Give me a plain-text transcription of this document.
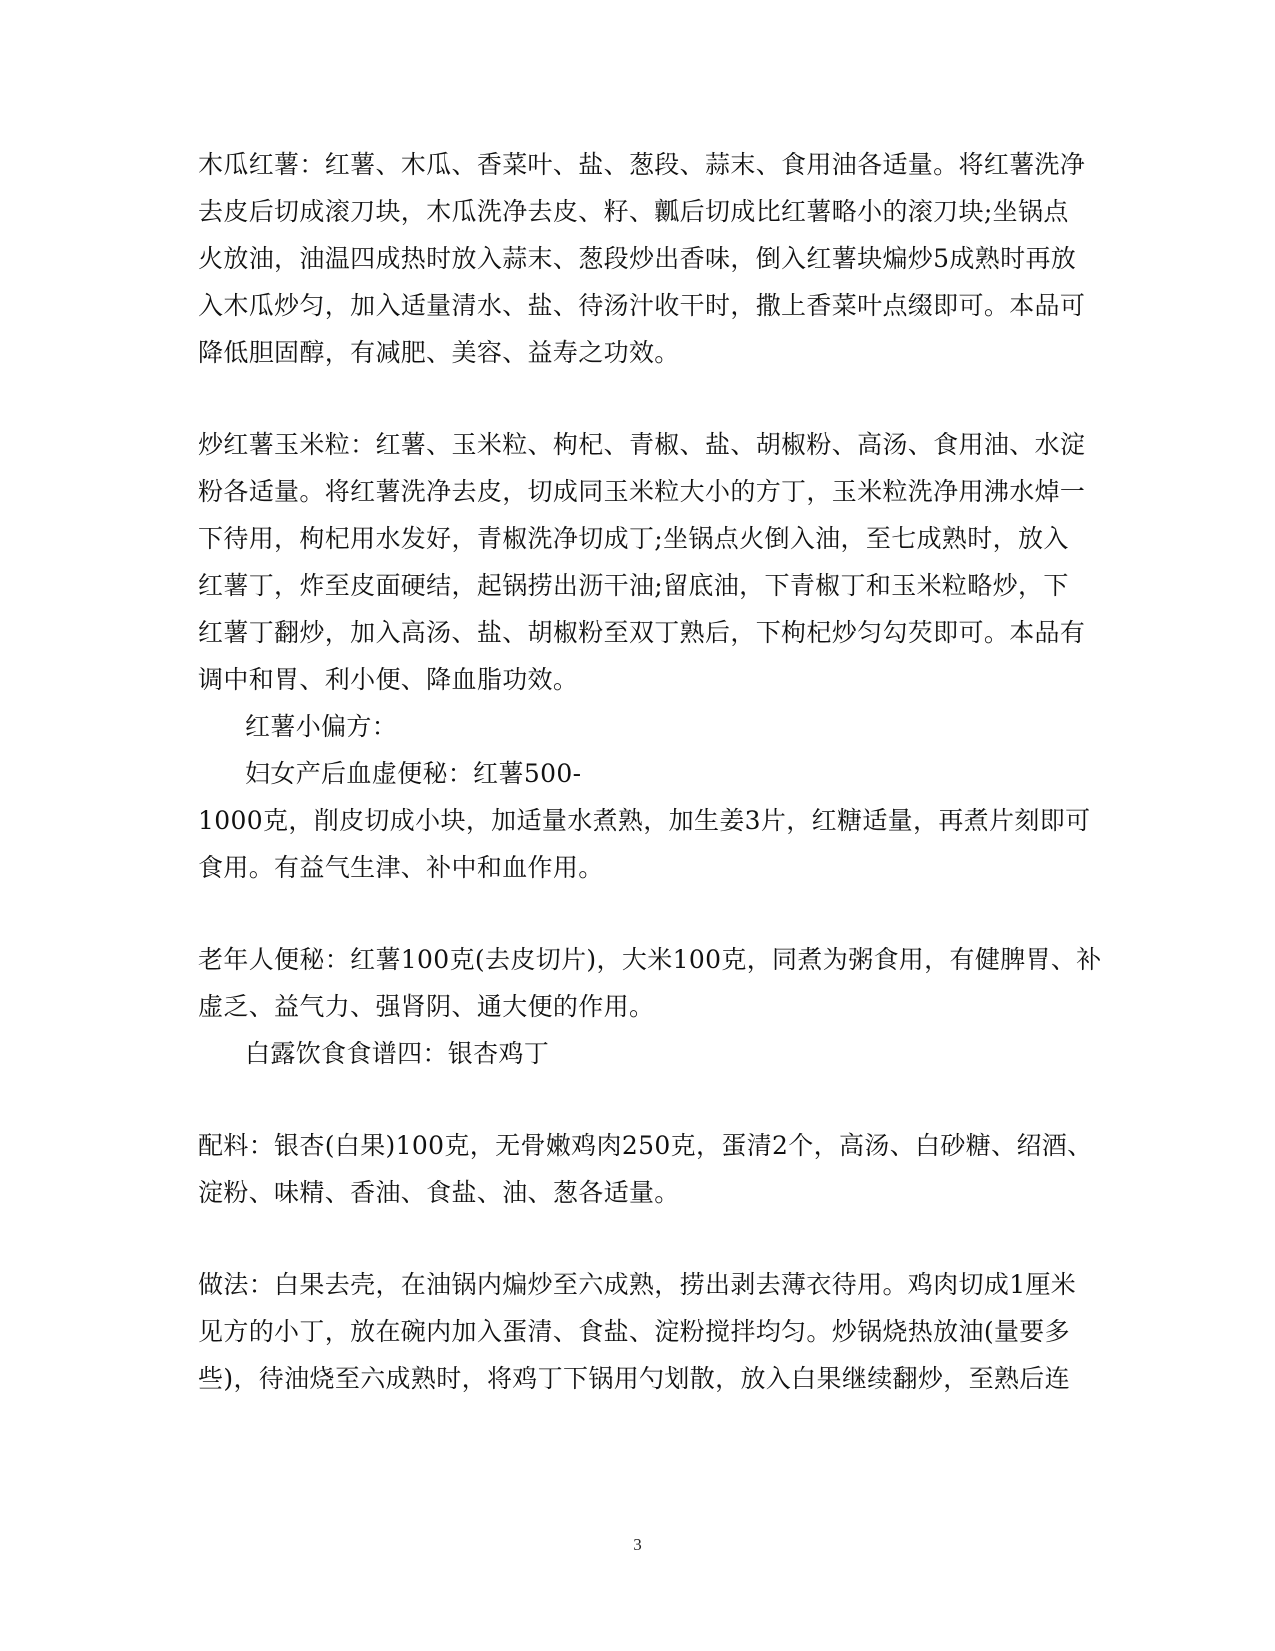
木瓜红薯：红薯、木瓜、香菜叶、盐、葱段、蒜末、食用油各适量。将红薯洗净
去皮后切成滚刀块，木瓜洗净去皮、籽、瓤后切成比红薯略小的滚刀块;坐锅点
火放油，油温四成热时放入蒜末、葱段炒出香味，倒入红薯块煸炒5成熟时再放
入木瓜炒匀，加入适量清水、盐、待汤汁收干时，撒上香菜叶点缀即可。本品可
降低胆固醇，有减肥、美容、益寿之功效。
炒红薯玉米粒：红薯、玉米粒、枸杞、青椒、盐、胡椒粉、高汤、食用油、水淀
粉各适量。将红薯洗净去皮，切成同玉米粒大小的方丁，玉米粒洗净用沸水焯一
下待用，枸杞用水发好，青椒洗净切成丁;坐锅点火倒入油，至七成熟时，放入
红薯丁，炸至皮面硬结，起锅捞出沥干油;留底油，下青椒丁和玉米粒略炒，下
红薯丁翻炒，加入高汤、盐、胡椒粉至双丁熟后，下枸杞炒匀勾芡即可。本品有
调中和胃、利小便、降血脂功效。
红薯小偏方：
妇女产后血虚便秘：红薯500-
1000克，削皮切成小块，加适量水煮熟，加生姜3片，红糖适量，再煮片刻即可
食用。有益气生津、补中和血作用。
老年人便秘：红薯100克(去皮切片)，大米100克，同煮为粥食用，有健脾胃、补
虚乏、益气力、强肾阴、通大便的作用。
白露饮食食谱四：银杏鸡丁
配料：银杏(白果)100克，无骨嫩鸡肉250克，蛋清2个，高汤、白砂糖、绍酒、
淀粉、味精、香油、食盐、油、葱各适量。
做法：白果去壳，在油锅内煸炒至六成熟，捞出剥去薄衣待用。鸡肉切成1厘米
见方的小丁，放在碗内加入蛋清、食盐、淀粉搅拌均匀。炒锅烧热放油(量要多
些)，待油烧至六成熟时，将鸡丁下锅用勺划散，放入白果继续翻炒，至熟后连
3
